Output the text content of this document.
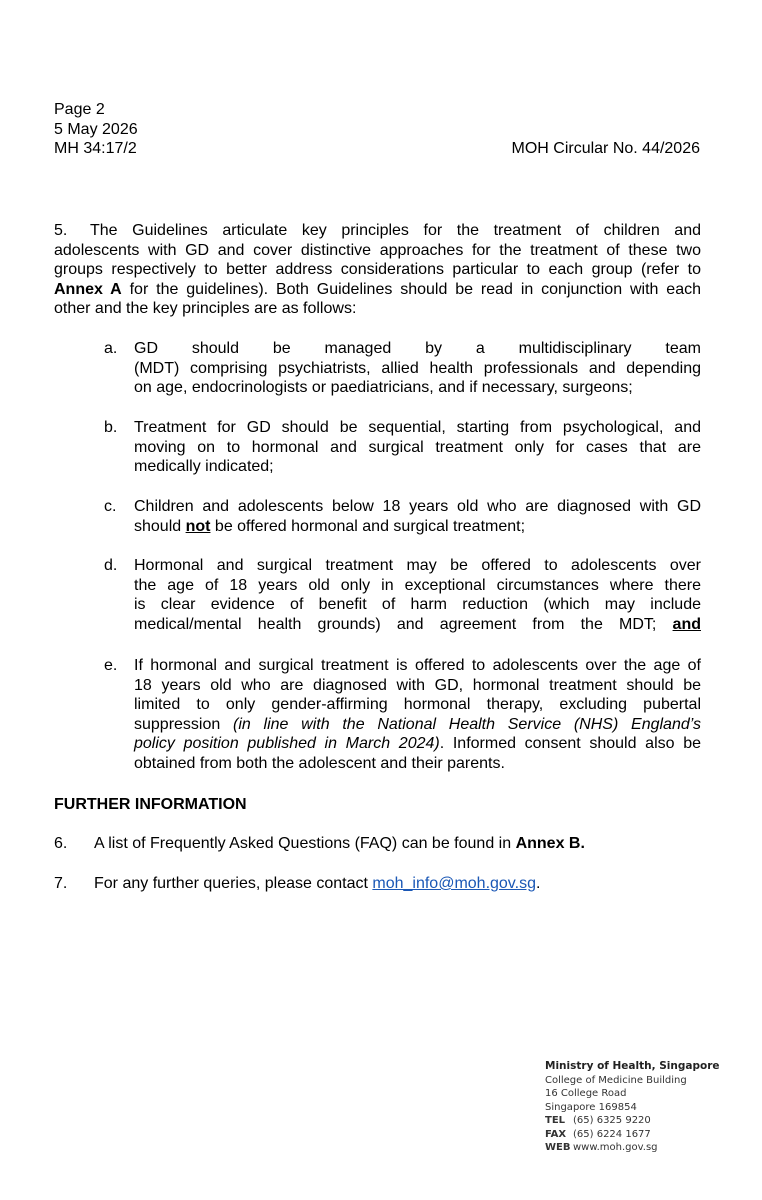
Page 2
5 May 2026
MH 34:17/2	MOH Circular No. 44/2026
5. The Guidelines articulate key principles for the treatment of children and
adolescents with GD and cover distinctive approaches for the treatment of these two
groups respectively to better address considerations particular to each group (refer to
Annex A for the guidelines). Both Guidelines should be read in conjunction with each
other and the key principles are as follows:
a. GD should be managed by a multidisciplinary team
(MDT) comprising psychiatrists, allied health professionals and depending
on age, endocrinologists or paediatricians, and if necessary, surgeons;
b. Treatment for GD should be sequential, starting from psychological, and
moving on to hormonal and surgical treatment only for cases that are
medically indicated;
c. Children and adolescents below 18 years old who are diagnosed with GD
should not be offered hormonal and surgical treatment;
d. Hormonal and surgical treatment may be offered to adolescents over
the age of 18 years old only in exceptional circumstances where there
is clear evidence of benefit of harm reduction (which may include
medical/mental health grounds) and agreement from the MDT; and
e. If hormonal and surgical treatment is offered to adolescents over the age of
18 years old who are diagnosed with GD, hormonal treatment should be
limited to only gender-affirming hormonal therapy, excluding pubertal
suppression (in line with the National Health Service (NHS) England’s
policy position published in March 2024). Informed consent should also be
obtained from both the adolescent and their parents.
FURTHER INFORMATION
6. A list of Frequently Asked Questions (FAQ) can be found in Annex B.
7. For any further queries, please contact moh_info@moh.gov.sg.
Ministry of Health, Singapore
College of Medicine Building
16 College Road
Singapore 169854
TEL (65) 6325 9220
FAX (65) 6224 1677
WEB www.moh.gov.sg
